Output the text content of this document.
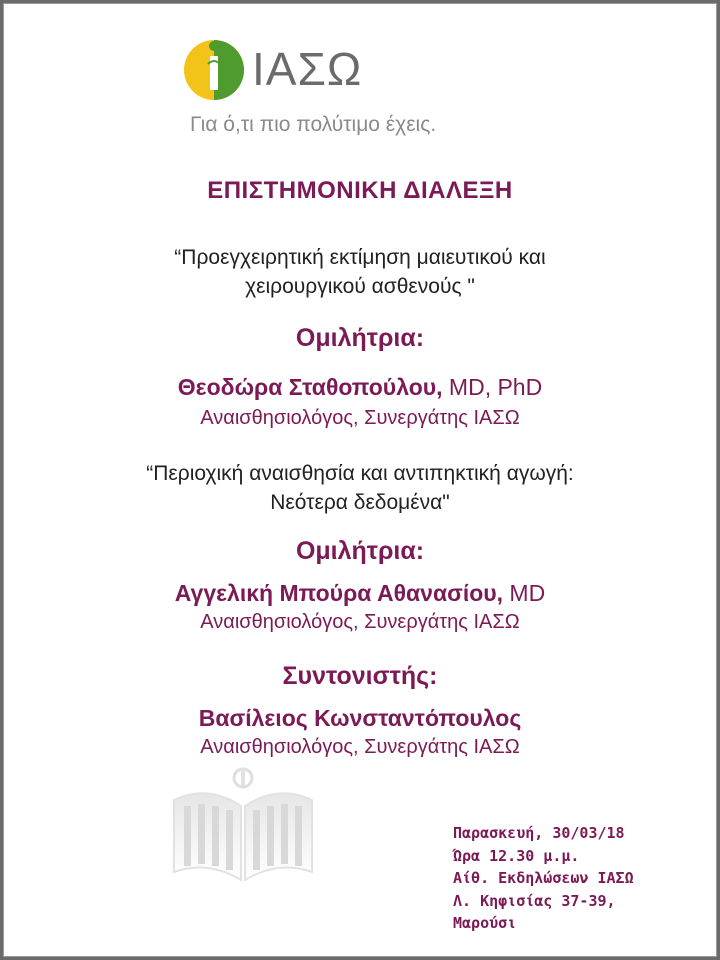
ΙΑΣΩ
Για ό,τι πιο πολύτιμο έχεις.
ΕΠΙΣΤΗΜΟΝΙΚΗ ΔΙΑΛΕΞΗ
“Προεγχειρητική εκτίμηση μαιευτικού και
χειρουργικού ασθενούς "
Ομιλήτρια:
Θεοδώρα Σταθοπούλου, MD, PhD
Αναισθησιολόγος, Συνεργάτης ΙΑΣΩ
“Περιοχική αναισθησία και αντιπηκτική αγωγή:
Νεότερα δεδομένα"
Ομιλήτρια:
Αγγελική Μπούρα Αθανασίου, MD
Αναισθησιολόγος, Συνεργάτης ΙΑΣΩ
Συντονιστής:
Βασίλειος Κωνσταντόπουλος
Αναισθησιολόγος, Συνεργάτης ΙΑΣΩ
Παρασκευή, 30/03/18
Ώρα 12.30 μ.μ.
Αίθ. Εκδηλώσεων ΙΑΣΩ
Λ. Κηφισίας 37-39,
Μαρούσι
